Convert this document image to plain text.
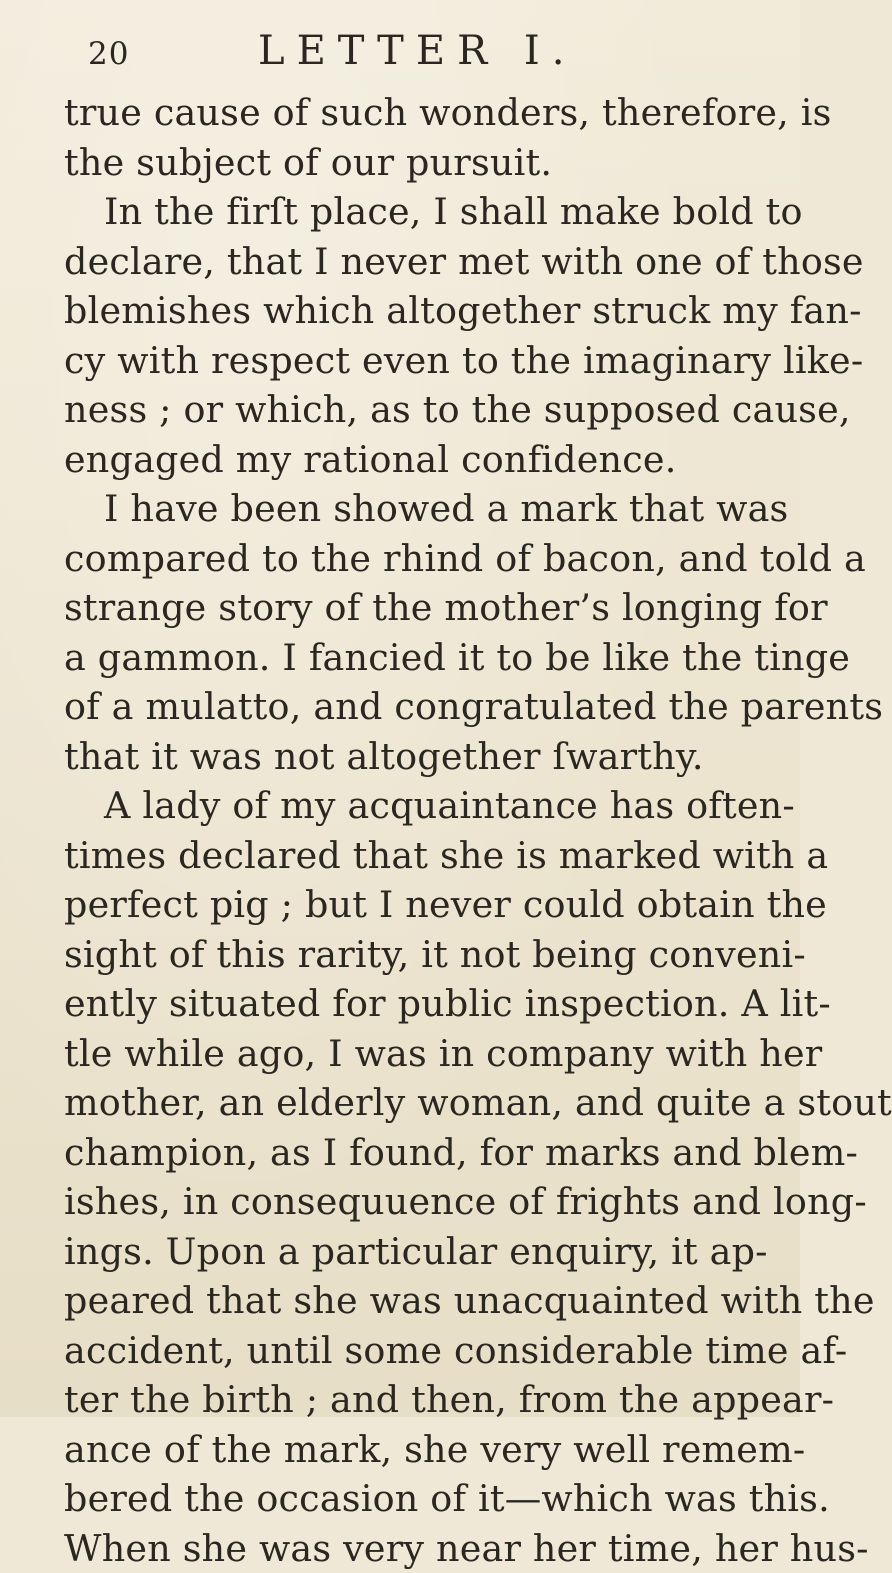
20	LETTER I.
true cause of such wonders, therefore, is
the subject of our pursuit.
In the firſt place, I shall make bold to
declare, that I never met with one of those
blemishes which altogether struck my fan-
cy with respect even to the imaginary like-
ness ; or which, as to the supposed cause,
engaged my rational confidence.
I have been showed a mark that was
compared to the rhind of bacon, and told a
strange story of the mother’s longing for
a gammon. I fancied it to be like the tinge
of a mulatto, and congratulated the parents
that it was not altogether ſwarthy.
A lady of my acquaintance has often-
times declared that she is marked with a
perfect pig ; but I never could obtain the
sight of this rarity, it not being conveni-
ently situated for public inspection. A lit-
tle while ago, I was in company with her
mother, an elderly woman, and quite a stout
champion, as I found, for marks and blem-
ishes, in consequuence of frights and long-
ings. Upon a particular enquiry, it ap-
peared that she was unacquainted with the
accident, until some considerable time af-
ter the birth ; and then, from the appear-
ance of the mark, she very well remem-
bered the occasion of it—which was this.
When she was very near her time, her hus-
